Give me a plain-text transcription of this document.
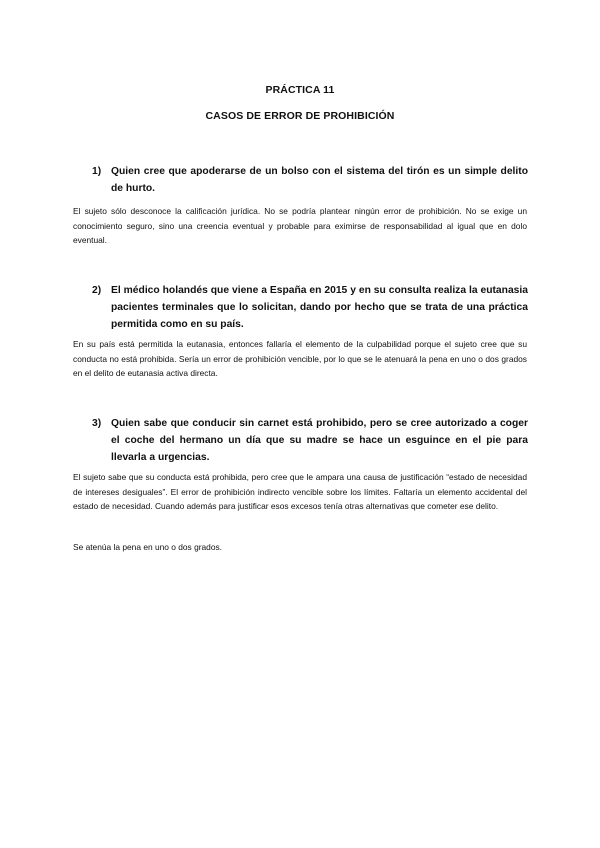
PRÁCTICA 11
CASOS DE ERROR DE PROHIBICIÓN
1) Quien cree que apoderarse de un bolso con el sistema del tirón es un simple delito de hurto.

El sujeto sólo desconoce la calificación jurídica. No se podría plantear ningún error de prohibición. No se exige un conocimiento seguro, sino una creencia eventual y probable para eximirse de responsabilidad al igual que en dolo eventual.

2) El médico holandés que viene a España en 2015 y en su consulta realiza la eutanasia pacientes terminales que lo solicitan, dando por hecho que se trata de una práctica permitida como en su país.

En su país está permitida la eutanasia, entonces fallaría el elemento de la culpabilidad porque el sujeto cree que su conducta no está prohibida. Sería un error de prohibición vencible, por lo que se le atenuará la pena en uno o dos grados en el delito de eutanasia activa directa.

3) Quien sabe que conducir sin carnet está prohibido, pero se cree autorizado a coger el coche del hermano un día que su madre se hace un esguince en el pie para llevarla a urgencias.

El sujeto sabe que su conducta está prohibida, pero cree que le ampara una causa de justificación “estado de necesidad de intereses desiguales”. El error de prohibición indirecto vencible sobre los límites. Faltaría un elemento accidental del estado de necesidad. Cuando además para justificar esos excesos tenía otras alternativas que cometer ese delito.

Se atenúa la pena en uno o dos grados.
